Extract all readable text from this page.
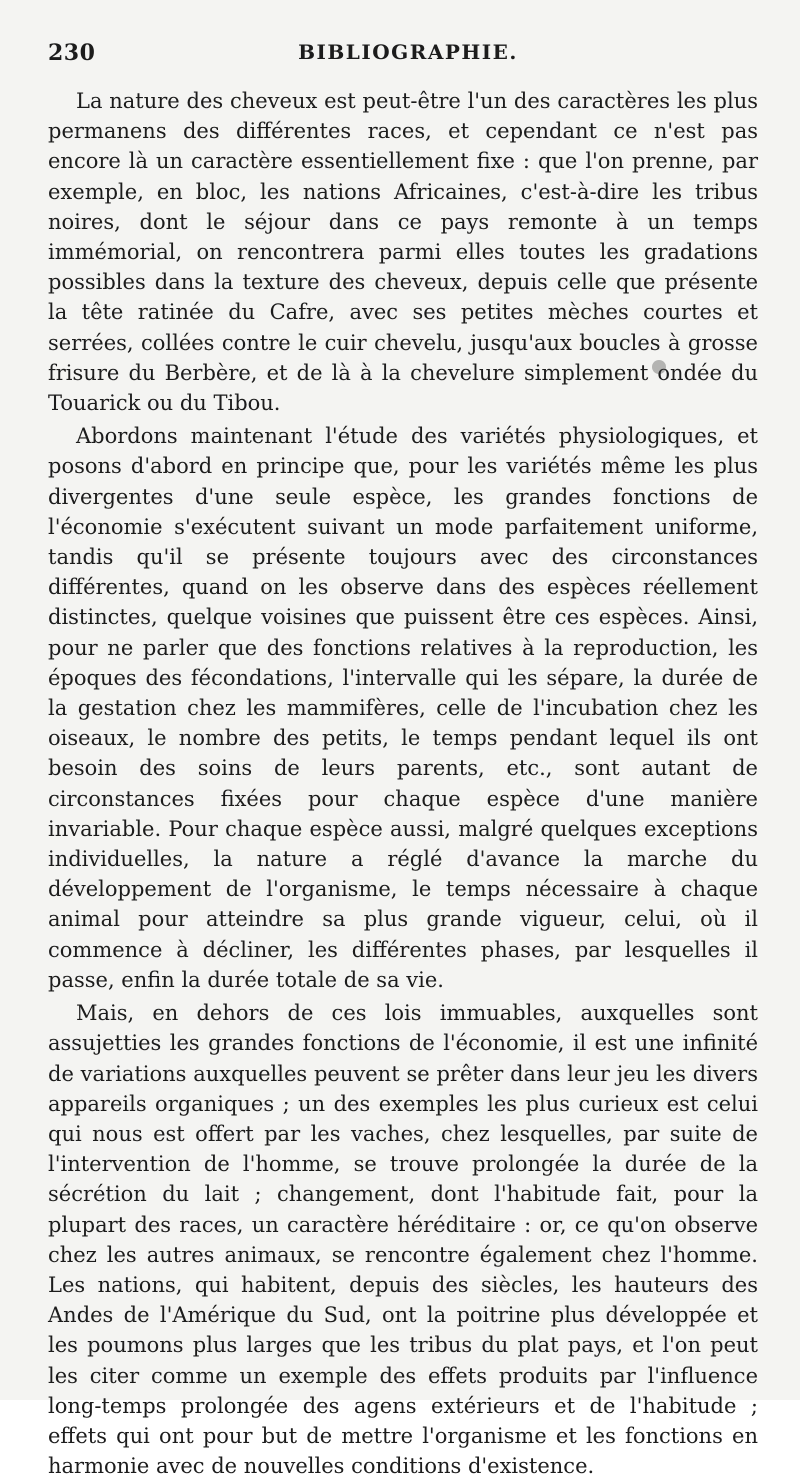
230	BIBLIOGRAPHIE.

La nature des cheveux est peut-être l'un des caractères les plus permanens des différentes races, et cependant ce n'est pas encore là un caractère essentiellement fixe : que l'on prenne, par exemple, en bloc, les nations Africaines, c'est-à-dire les tribus noires, dont le séjour dans ce pays remonte à un temps immémorial, on rencontrera parmi elles toutes les gradations possibles dans la texture des cheveux, depuis celle que présente la tête ratinée du Cafre, avec ses petites mèches courtes et serrées, collées contre le cuir chevelu, jusqu'aux boucles à grosse frisure du Berbère, et de là à la chevelure simplement ondée du Touarick ou du Tibou.

Abordons maintenant l'étude des variétés physiologiques, et posons d'abord en principe que, pour les variétés même les plus divergentes d'une seule espèce, les grandes fonctions de l'économie s'exécutent suivant un mode parfaitement uniforme, tandis qu'il se présente toujours avec des circonstances différentes, quand on les observe dans des espèces réellement distinctes, quelque voisines que puissent être ces espèces. Ainsi, pour ne parler que des fonctions relatives à la reproduction, les époques des fécondations, l'intervalle qui les sépare, la durée de la gestation chez les mammifères, celle de l'incubation chez les oiseaux, le nombre des petits, le temps pendant lequel ils ont besoin des soins de leurs parents, etc., sont autant de circonstances fixées pour chaque espèce d'une manière invariable. Pour chaque espèce aussi, malgré quelques exceptions individuelles, la nature a réglé d'avance la marche du développement de l'organisme, le temps nécessaire à chaque animal pour atteindre sa plus grande vigueur, celui, où il commence à décliner, les différentes phases, par lesquelles il passe, enfin la durée totale de sa vie.

Mais, en dehors de ces lois immuables, auxquelles sont assujetties les grandes fonctions de l'économie, il est une infinité de variations auxquelles peuvent se prêter dans leur jeu les divers appareils organiques ; un des exemples les plus curieux est celui qui nous est offert par les vaches, chez lesquelles, par suite de l'intervention de l'homme, se trouve prolongée la durée de la sécrétion du lait ; changement, dont l'habitude fait, pour la plupart des races, un caractère héréditaire : or, ce qu'on observe chez les autres animaux, se rencontre également chez l'homme. Les nations, qui habitent, depuis des siècles, les hauteurs des Andes de l'Amérique du Sud, ont la poitrine plus développée et les poumons plus larges que les tribus du plat pays, et l'on peut les citer comme un exemple des effets produits par l'influence long-temps prolongée des agens extérieurs et de l'habitude ; effets qui ont pour but de mettre l'organisme et les fonctions en harmonie avec de nouvelles conditions d'existence.
